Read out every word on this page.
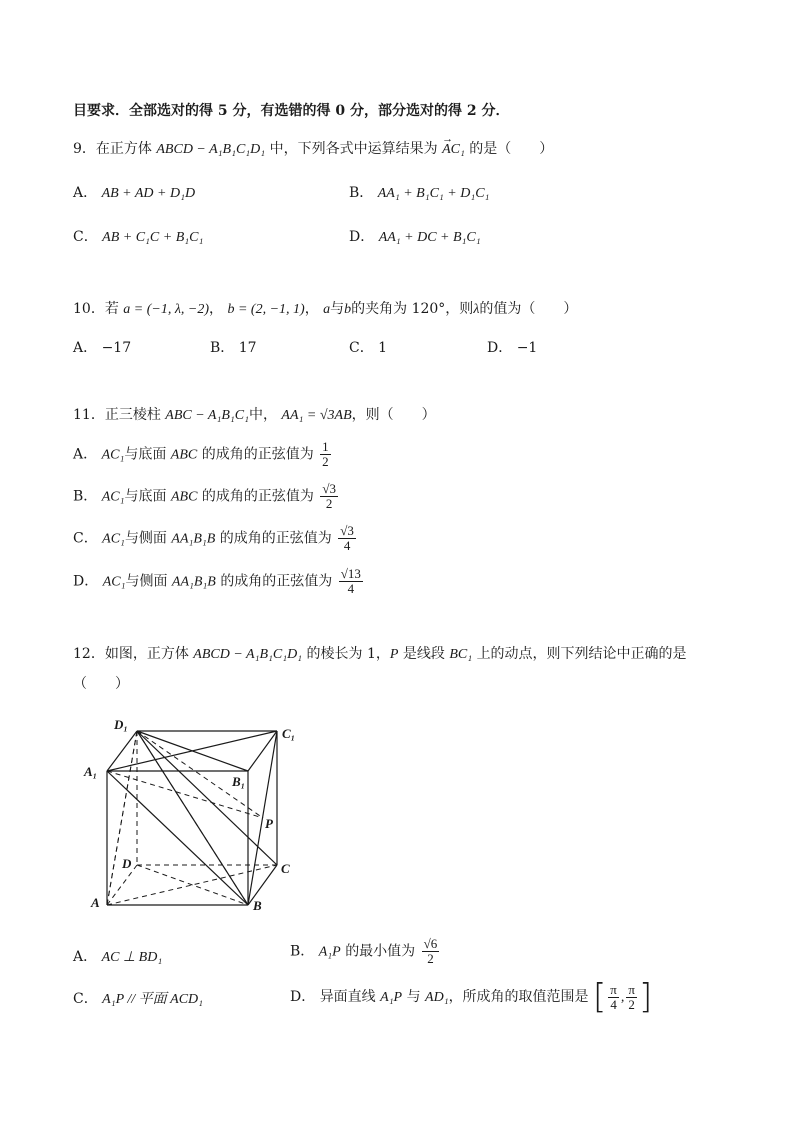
目要求．全部选对的得 5 分，有选错的得 0 分，部分选对的得 2 分．
9．在正方体 ABCD − A₁B₁C₁D₁ 中，下列各式中运算结果为
→
AC₁ 的是（　　）
A． AB + AD + D₁D	B． AA₁ + B₁C₁ + D₁C₁
C． AB + C₁C + B₁C₁	D． AA₁ + DC + B₁C₁
10．若 a = (−1, λ, −2)， b = (2, −1, 1)， a与b的夹角为 120°，则λ的值为（　　）
A． −17	B． 17	C． 1	D． −1
11．正三棱柱 ABC − A₁B₁C₁中， AA₁ = √3AB，则（　　）
A． AC₁与底面 ABC 的成角的正弦值为 $\frac{1}{2}$
B． AC₁与底面 ABC 的成角的正弦值为 $\frac{√3}{2}$
C． AC₁与侧面 AA₁B₁B 的成角的正弦值为 $\frac{√3}{4}$
D． AC₁与侧面 AA₁B₁B 的成角的正弦值为 $\frac{√13}{4}$
12．如图，正方体 ABCD − A₁B₁C₁D₁ 的棱长为 1，P 是线段 BC₁ 上的动点，则下列结论中正确的是
（　　）
D₁
C₁
A₁
B₁
P
D	C
A	B
A． AC ⊥ BD₁	B． A₁P 的最小值为 $\frac{√6}{2}$
C． A₁P // 平面 ACD₁	D． 异面直线 A₁P 与 AD₁，所成角的取值范围是 [ $\frac{\pi}{4}$ , $\frac{\pi}{2}$ ]
